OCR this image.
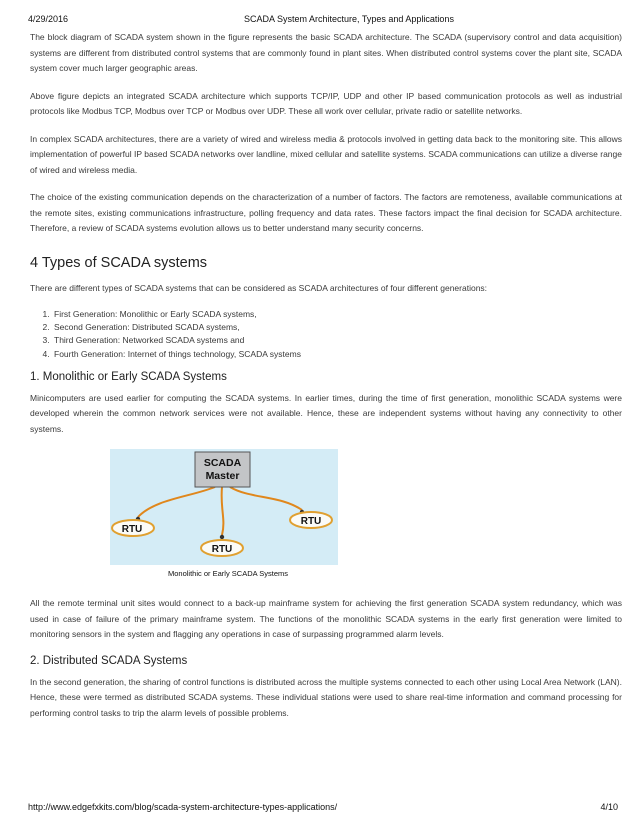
4/29/2016	SCADA System Architecture, Types and Applications

The block diagram of SCADA system shown in the figure represents the basic SCADA architecture. The SCADA (supervisory control and data acquisition) systems are different from distributed control systems that are commonly found in plant sites. When distributed control systems cover the plant site, SCADA system cover much larger geographic areas.

Above figure depicts an integrated SCADA architecture which supports TCP/IP, UDP and other IP based communication protocols as well as industrial protocols like Modbus TCP, Modbus over TCP or Modbus over UDP. These all work over cellular, private radio or satellite networks.

In complex SCADA architectures, there are a variety of wired and wireless media & protocols involved in getting data back to the monitoring site. This allows implementation of powerful IP based SCADA networks over landline, mixed cellular and satellite systems. SCADA communications can utilize a diverse range of wired and wireless media.

The choice of the existing communication depends on the characterization of a number of factors. The factors are remoteness, available communications at the remote sites, existing communications infrastructure, polling frequency and data rates. These factors impact the final decision for SCADA architecture. Therefore, a review of SCADA systems evolution allows us to better understand many security concerns.

4 Types of SCADA systems

There are different types of SCADA systems that can be considered as SCADA architectures of four different generations:

1. First Generation: Monolithic or Early SCADA systems,
2. Second Generation: Distributed SCADA systems,
3. Third Generation: Networked SCADA systems and
4. Fourth Generation: Internet of things technology, SCADA systems
1. Monolithic or Early SCADA Systems

Minicomputers are used earlier for computing the SCADA systems. In earlier times, during the time of first generation, monolithic SCADA systems were developed wherein the common network services were not available. Hence, these are independent systems without having any connectivity to other systems.

SCADA
Master
RTU
RTU
RTU
Monolithic or Early SCADA Systems

All the remote terminal unit sites would connect to a back-up mainframe system for achieving the first generation SCADA system redundancy, which was used in case of failure of the primary mainframe system. The functions of the monolithic SCADA systems in the early first generation were limited to monitoring sensors in the system and flagging any operations in case of surpassing programmed alarm levels.

2. Distributed SCADA Systems

In the second generation, the sharing of control functions is distributed across the multiple systems connected to each other using Local Area Network (LAN). Hence, these were termed as distributed SCADA systems. These individual stations were used to share real-time information and command processing for performing control tasks to trip the alarm levels of possible problems.

http://www.edgefxkits.com/blog/scada-system-architecture-types-applications/	4/10
